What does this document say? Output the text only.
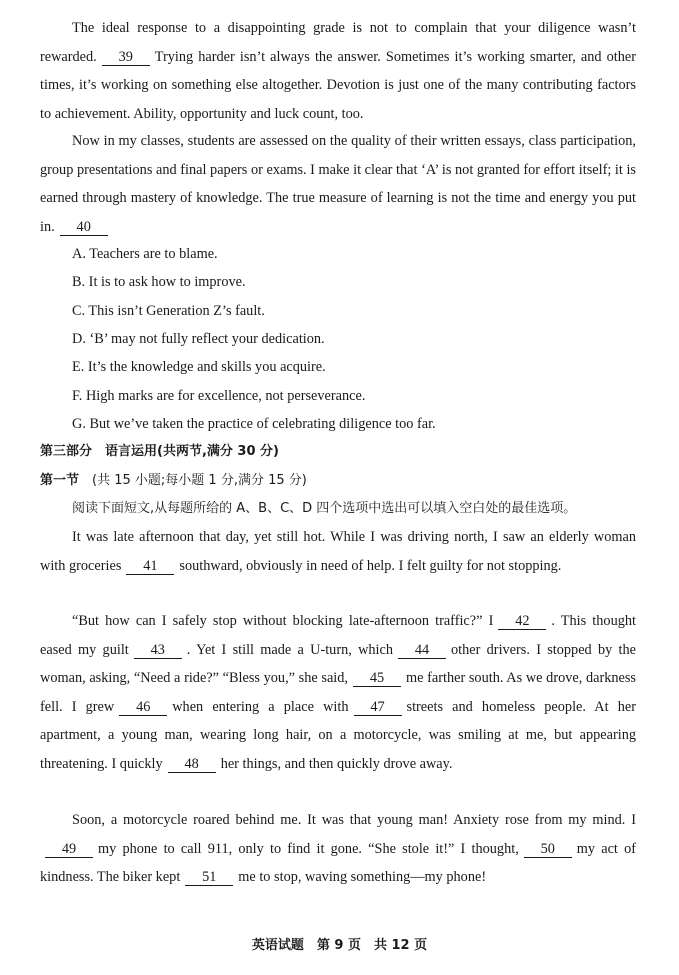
The ideal response to a disappointing grade is not to complain that your diligence wasn’t rewarded. 39 Trying harder isn’t always the answer. Sometimes it’s working smarter, and other times, it’s working on something else altogether. Devotion is just one of the many contributing factors to achievement. Ability, opportunity and luck count, too.

Now in my classes, students are assessed on the quality of their written essays, class participation, group presentations and final papers or exams. I make it clear that ‘A’ is not granted for effort itself; it is earned through mastery of knowledge. The true measure of learning is not the time and energy you put in. 40

A. Teachers are to blame.

B. It is to ask how to improve.

C. This isn’t Generation Z’s fault.

D. ‘B’ may not fully reflect your dedication.

E. It’s the knowledge and skills you acquire.

F. High marks are for excellence, not perseverance.

G. But we’ve taken the practice of celebrating diligence too far.

第三部分　语言运用(共两节,满分 30 分)

第一节　 (共 15 小题;每小题 1 分,满分 15 分)

阅读下面短文,从每题所给的 A、B、C、D 四个选项中选出可以填入空白处的最佳选项。

It was late afternoon that day, yet still hot. While I was driving north, I saw an elderly woman with groceries 41 southward, obviously in need of help. I felt guilty for not stopping.

“But how can I safely stop without blocking late-afternoon traffic?” I 42 . This thought eased my guilt 43 . Yet I still made a U-turn, which 44 other drivers. I stopped by the woman, asking, “Need a ride?” “Bless you,” she said, 45 me farther south. As we drove, darkness fell. I grew 46 when entering a place with 47 streets and homeless people. At her apartment, a young man, wearing long hair, on a motorcycle, was smiling at me, but appearing threatening. I quickly 48 her things, and then quickly drove away.

Soon, a motorcycle roared behind me. It was that young man! Anxiety rose from my mind. I49 my phone to call 911, only to find it gone. “She stole it!” I thought, 50 my act of kindness. The biker kept 51 me to stop, waving something—my phone!

英语试题　第 9 页　共 12 页
